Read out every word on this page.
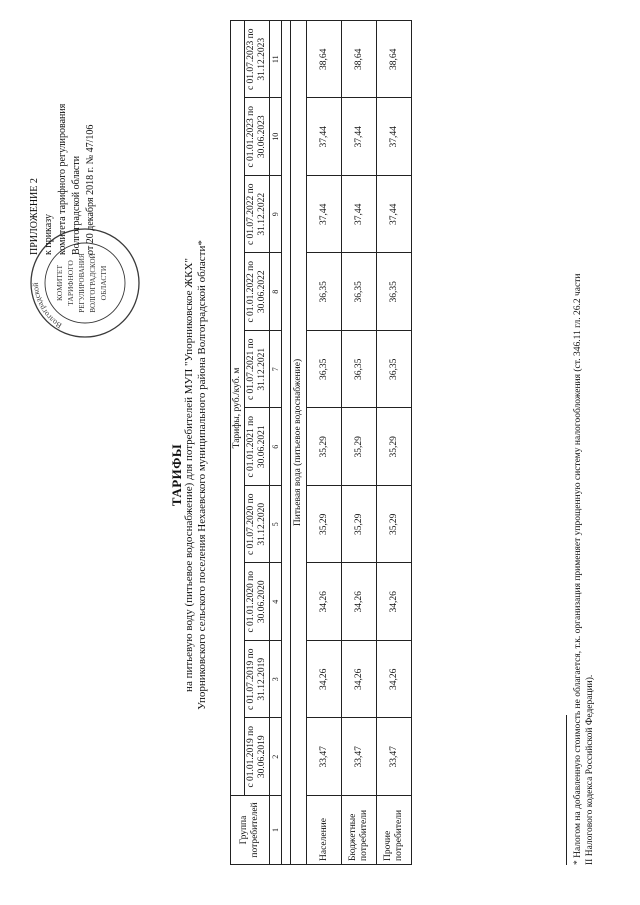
Волгоградской	КОМИТЕТ ТАРИФНОГО РЕГУЛИРОВАНИЯ ВОЛГОГРАДСКОЙ ОБЛАСТИ
ПРИЛОЖЕНИЕ 2 к приказу комитета тарифного регулирования Волгоградской области от 20 декабря 2018 г. № 47/106
ТАРИФЫ на питьевую воду (питьевое водоснабжение) для потребителей МУП "Упорниковское ЖКХ" Упорниковского сельского поселения Нехаевского муниципального района Волгоградской области*
Группа потребителей	Тарифы, руб./куб. м									
	с 01.01.2019 по 30.06.2019	с 01.07.2019 по 31.12.2019	с 01.01.2020 по 30.06.2020	с 01.07.2020 по 31.12.2020	с 01.01.2021 по 30.06.2021	с 01.07.2021 по 31.12.2021	с 01.01.2022 по 30.06.2022	с 01.07.2022 по 31.12.2022	с 01.01.2023 по 30.06.2023	с 01.07.2023 по 31.12.2023
1	2	3	4	5	6	7	8	9	10	11

Питьевая вода (питьевое водоснабжение)										
Население	33,47	34,26	34,26	35,29	35,29	36,35	36,35	37,44	37,44	38,64
Бюджетные потребители	33,47	34,26	34,26	35,29	35,29	36,35	36,35	37,44	37,44	38,64
Прочие потребители	33,47	34,26	34,26	35,29	35,29	36,35	36,35	37,44	37,44	38,64
* Налогом на добавленную стоимость не облагается, т.к. организация применяет упрощенную систему налогообложения (ст. 346.11 гл. 26.2 части II Налогового кодекса Российской Федерации).
